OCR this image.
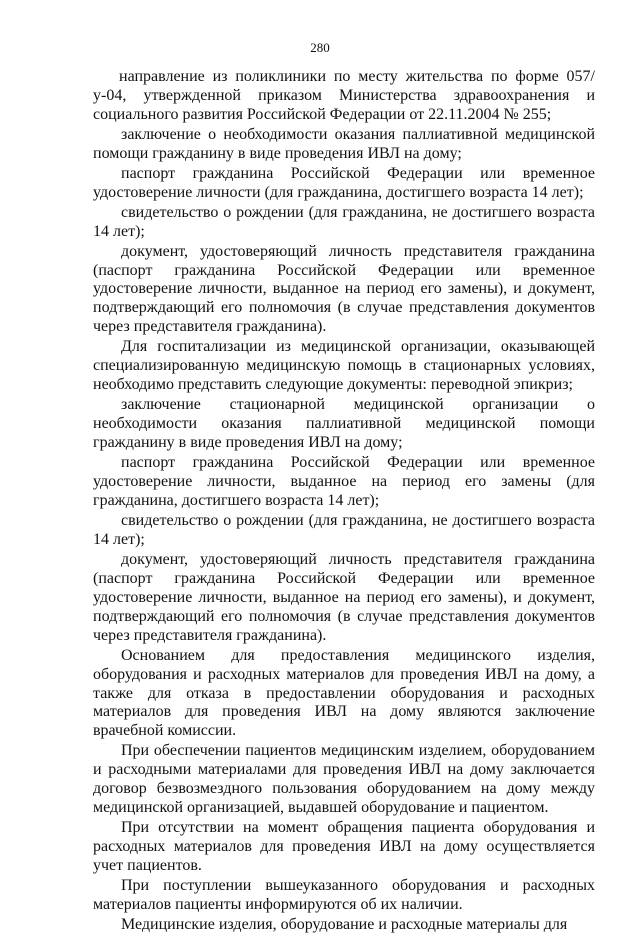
280

направление из поликлиники по месту жительства по форме 057/у-04, утвержденной приказом Министерства здравоохранения и социального развития Российской Федерации от 22.11.2004 № 255;

заключение о необходимости оказания паллиативной медицинской помощи гражданину в виде проведения ИВЛ на дому;

паспорт гражданина Российской Федерации или временное удостоверение личности (для гражданина, достигшего возраста 14 лет);

свидетельство о рождении (для гражданина, не достигшего возраста 14 лет);

документ, удостоверяющий личность представителя гражданина (паспорт гражданина Российской Федерации или временное удостоверение личности, выданное на период его замены), и документ, подтверждающий его полномочия (в случае представления документов через представителя гражданина).

Для госпитализации из медицинской организации, оказывающей специализированную медицинскую помощь в стационарных условиях, необходимо представить следующие документы: переводной эпикриз;

заключение стационарной медицинской организации о необходимости оказания паллиативной медицинской помощи гражданину в виде проведения ИВЛ на дому;

паспорт гражданина Российской Федерации или временное удостоверение личности, выданное на период его замены (для гражданина, достигшего возраста 14 лет);

свидетельство о рождении (для гражданина, не достигшего возраста 14 лет);

документ, удостоверяющий личность представителя гражданина (паспорт гражданина Российской Федерации или временное удостоверение личности, выданное на период его замены), и документ, подтверждающий его полномочия (в случае представления документов через представителя гражданина).

Основанием для предоставления медицинского изделия, оборудования и расходных материалов для проведения ИВЛ на дому, а также для отказа в предоставлении оборудования и расходных материалов для проведения ИВЛ на дому являются заключение врачебной комиссии.

При обеспечении пациентов медицинским изделием, оборудованием и расходными материалами для проведения ИВЛ на дому заключается договор безвозмездного пользования оборудованием на дому между медицинской организацией, выдавшей оборудование и пациентом.

При отсутствии на момент обращения пациента оборудования и расходных материалов для проведения ИВЛ на дому осуществляется учет пациентов.

При поступлении вышеуказанного оборудования и расходных материалов пациенты информируются об их наличии.

Медицинские изделия, оборудование и расходные материалы для
